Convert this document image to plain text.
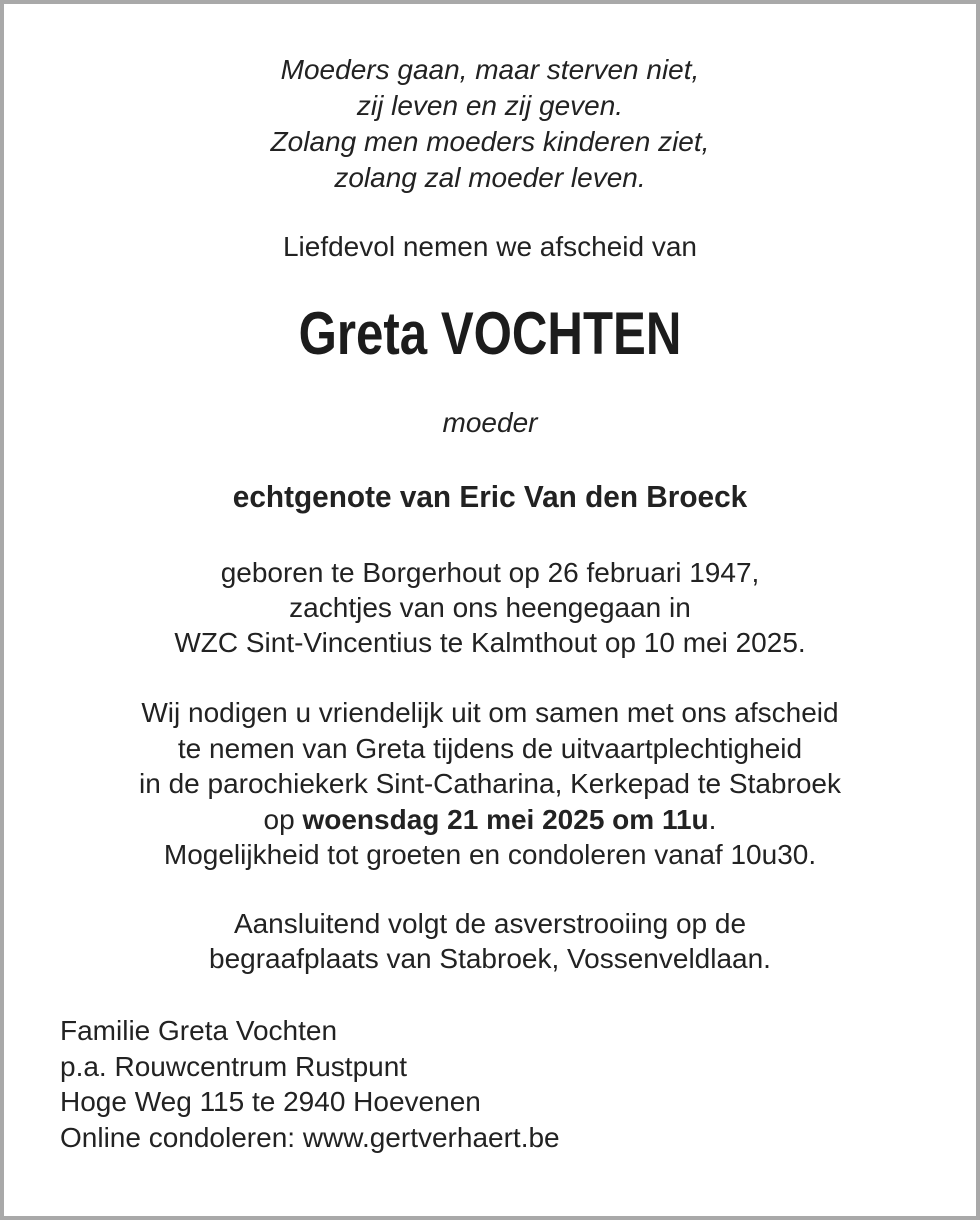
Moeders gaan, maar sterven niet,
zij leven en zij geven.
Zolang men moeders kinderen ziet,
zolang zal moeder leven.
Liefdevol nemen we afscheid van
Greta VOCHTEN
moeder
echtgenote van Eric Van den Broeck
geboren te Borgerhout op 26 februari 1947,
zachtjes van ons heengegaan in
WZC Sint-Vincentius te Kalmthout op 10 mei 2025.
Wij nodigen u vriendelijk uit om samen met ons afscheid
te nemen van Greta tijdens de uitvaartplechtigheid
in de parochiekerk Sint-Catharina, Kerkepad te Stabroek
op woensdag 21 mei 2025 om 11u.
Mogelijkheid tot groeten en condoleren vanaf 10u30.
Aansluitend volgt de asverstrooiing op de
begraafplaats van Stabroek, Vossenveldlaan.
Familie Greta Vochten
p.a. Rouwcentrum Rustpunt
Hoge Weg 115 te 2940 Hoevenen
Online condoleren: www.gertverhaert.be
